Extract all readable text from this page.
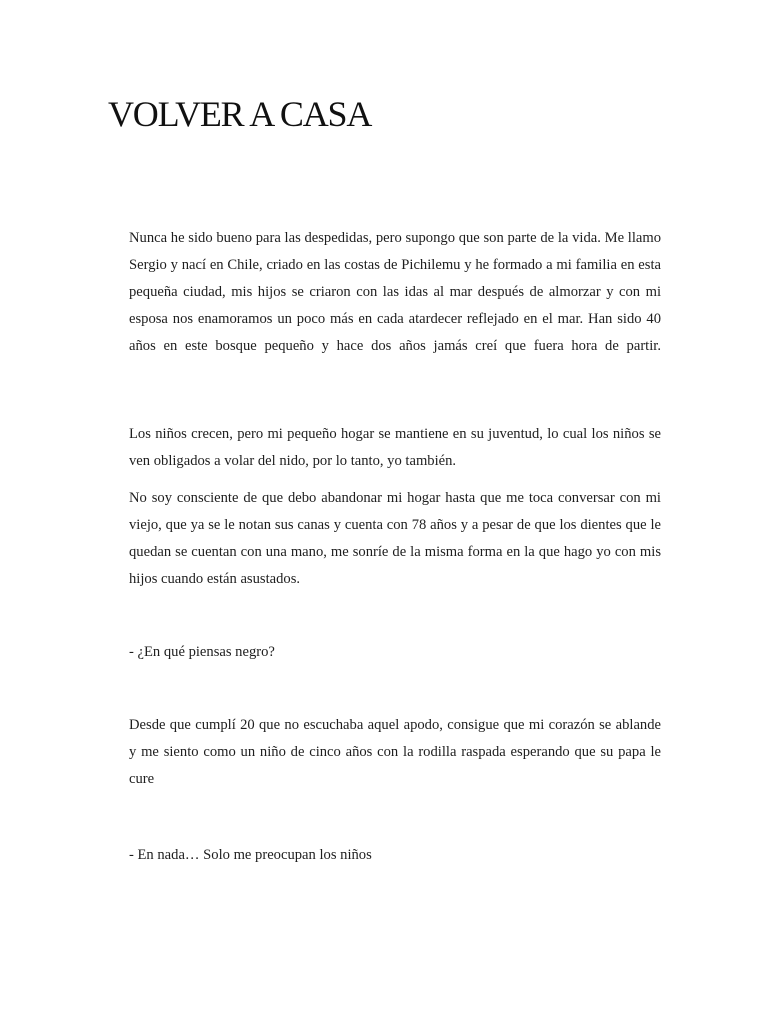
VOLVER A CASA

Nunca he sido bueno para las despedidas, pero supongo que son parte de la vida. Me llamo Sergio y nací en Chile, criado en las costas de Pichilemu y he formado a mi familia en esta pequeña ciudad, mis hijos se criaron con las idas al mar después de almorzar y con mi esposa nos enamoramos un poco más en cada atardecer reflejado en el mar. Han sido 40 años en este bosque pequeño y hace dos años jamás creí que fuera hora de partir.

Los niños crecen, pero mi pequeño hogar se mantiene en su juventud, lo cual los niños se ven obligados a volar del nido, por lo tanto, yo también.

No soy consciente de que debo abandonar mi hogar hasta que me toca conversar con mi viejo, que ya se le notan sus canas y cuenta con 78 años y a pesar de que los dientes que le quedan se cuentan con una mano, me sonríe de la misma forma en la que hago yo con mis hijos cuando están asustados.

- ¿En qué piensas negro?

Desde que cumplí 20 que no escuchaba aquel apodo, consigue que mi corazón se ablande y me siento como un niño de cinco años con la rodilla raspada esperando que su papa le cure

- En nada… Solo me preocupan los niños
